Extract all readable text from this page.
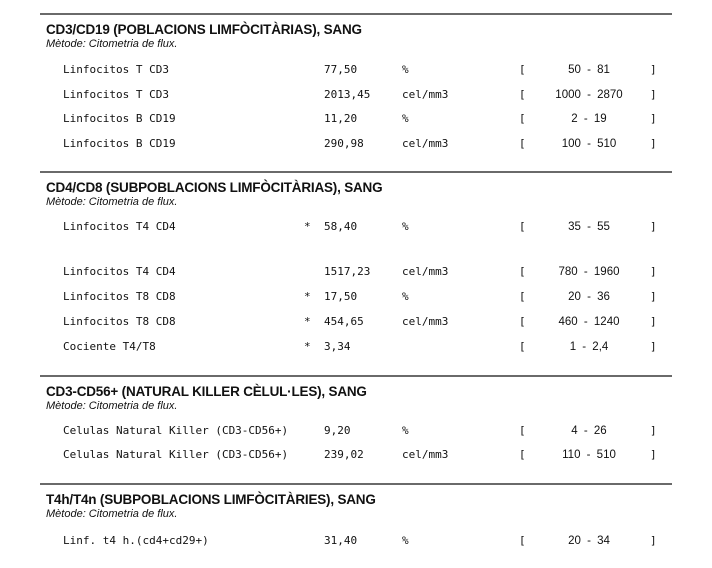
CD3/CD19 (POBLACIONS LIMFÒCITÀRIAS), SANG
Mètode: Citometria de flux.
Linfocitos T CD3	77,50	%	[	50 - 81	]
Linfocitos T CD3	2013,45	cel/mm3	[	1000 - 2870	]
Linfocitos B CD19	11,20	%	[	2 - 19	]
Linfocitos B CD19	290,98	cel/mm3	[	100 - 510	]
CD4/CD8 (SUBPOBLACIONS LIMFÒCITÀRIAS), SANG
Mètode: Citometria de flux.
Linfocitos T4 CD4	* 58,40	%	[	35 - 55	]
Linfocitos T4 CD4	1517,23	cel/mm3	[	780 - 1960	]
Linfocitos T8 CD8	* 17,50	%	[	20 - 36	]
Linfocitos T8 CD8	* 454,65	cel/mm3	[	460 - 1240	]
Cociente T4/T8	* 3,34	[	1 - 2,4	]
CD3-CD56+ (NATURAL KILLER CÈLUL·LES), SANG
Mètode: Citometria de flux.
Celulas Natural Killer (CD3-CD56+)	9,20	%	[	4 - 26	]
Celulas Natural Killer (CD3-CD56+)	239,02	cel/mm3	[	110 - 510	]
T4h/T4n (SUBPOBLACIONS LIMFÒCITÀRIES), SANG
Mètode: Citometria de flux.
Linf. t4 h.(cd4+cd29+)	31,40	%	[	20 - 34	]
